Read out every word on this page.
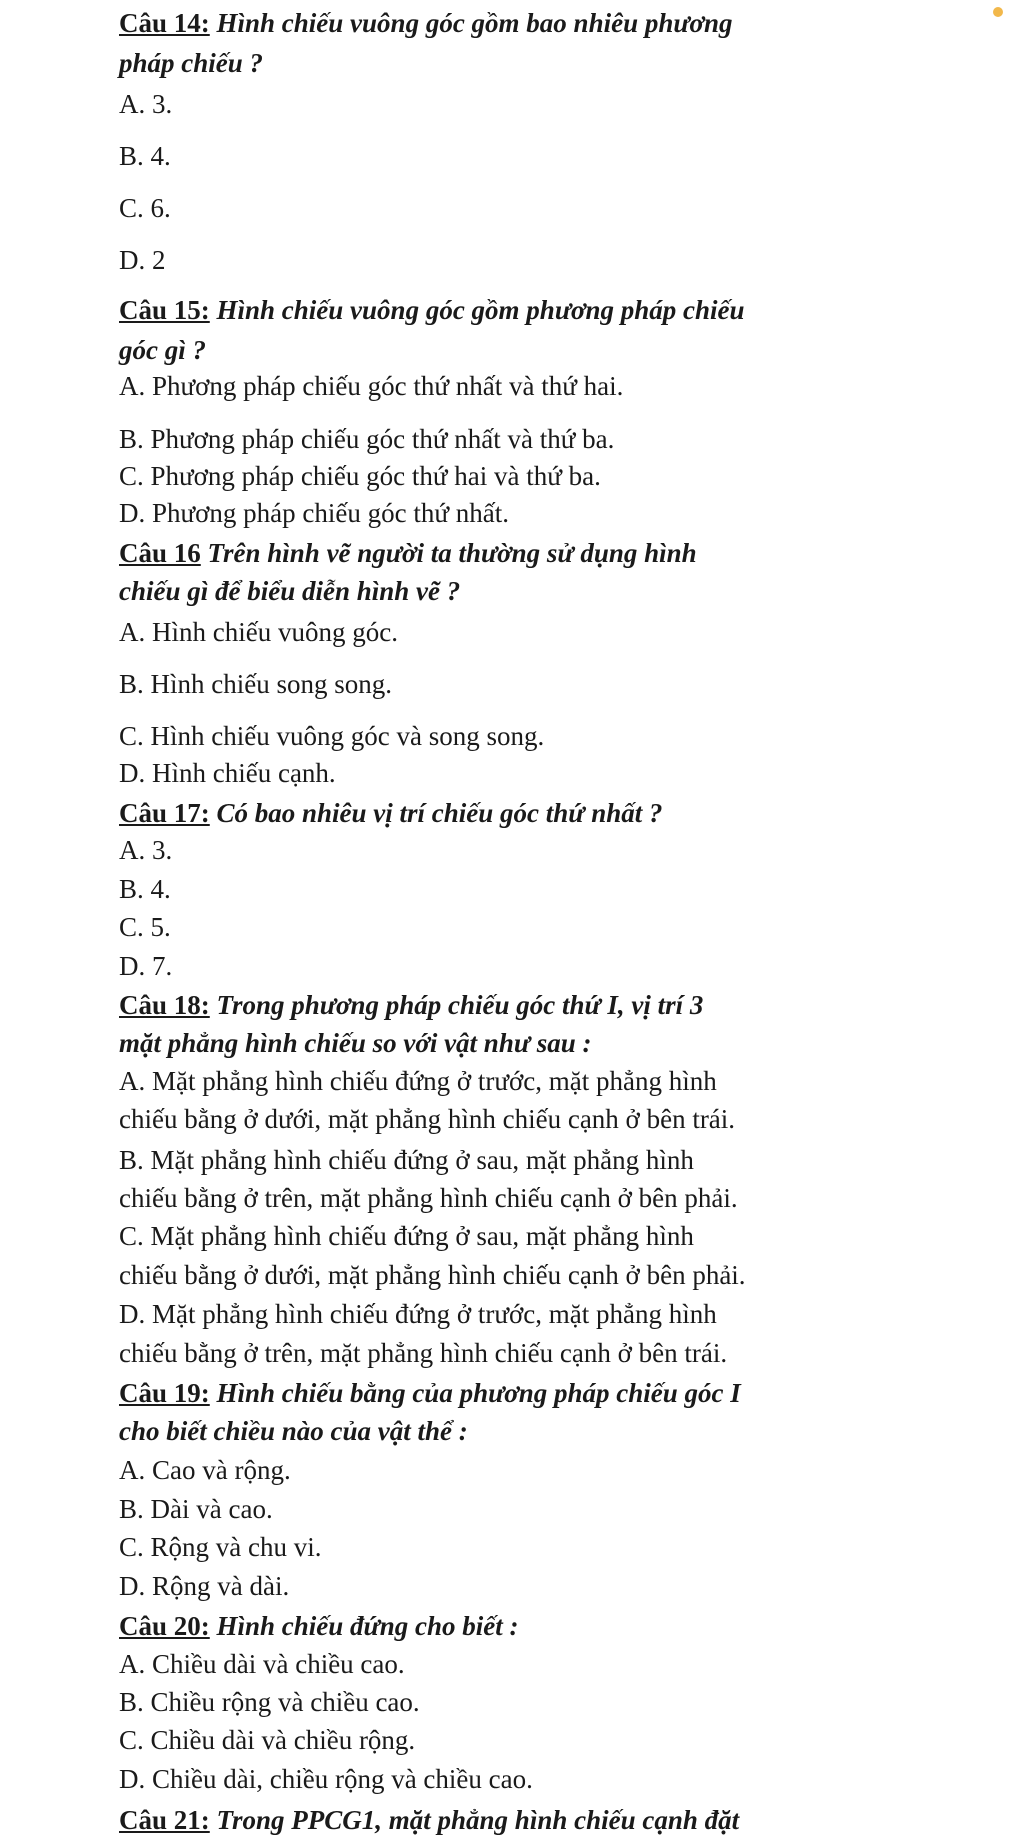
Câu 14: Hình chiếu vuông góc gồm bao nhiêu phương
pháp chiếu ?
A. 3.
B. 4.
C. 6.
D. 2
Câu 15: Hình chiếu vuông góc gồm phương pháp chiếu
góc gì ?
A. Phương pháp chiếu góc thứ nhất và thứ hai.
B. Phương pháp chiếu góc thứ nhất và thứ ba.
C. Phương pháp chiếu góc thứ hai và thứ ba.
D. Phương pháp chiếu góc thứ nhất.
Câu 16 Trên hình vẽ người ta thường sử dụng hình
chiếu gì để biểu diễn hình vẽ ?
A. Hình chiếu vuông góc.
B. Hình chiếu song song.
C. Hình chiếu vuông góc và song song.
D. Hình chiếu cạnh.
Câu 17: Có bao nhiêu vị trí chiếu góc thứ nhất ?
A. 3.
B. 4.
C. 5.
D. 7.
Câu 18: Trong phương pháp chiếu góc thứ I, vị trí 3
mặt phẳng hình chiếu so với vật như sau :
A. Mặt phẳng hình chiếu đứng ở trước, mặt phẳng hình
chiếu bằng ở dưới, mặt phẳng hình chiếu cạnh ở bên trái.
B. Mặt phẳng hình chiếu đứng ở sau, mặt phẳng hình
chiếu bằng ở trên, mặt phẳng hình chiếu cạnh ở bên phải.
C. Mặt phẳng hình chiếu đứng ở sau, mặt phẳng hình
chiếu bằng ở dưới, mặt phẳng hình chiếu cạnh ở bên phải.
D. Mặt phẳng hình chiếu đứng ở trước, mặt phẳng hình
chiếu bằng ở trên, mặt phẳng hình chiếu cạnh ở bên trái.
Câu 19: Hình chiếu bằng của phương pháp chiếu góc I
cho biết chiều nào của vật thể :
A. Cao và rộng.
B. Dài và cao.
C. Rộng và chu vi.
D. Rộng và dài.
Câu 20: Hình chiếu đứng cho biết :
A. Chiều dài và chiều cao.
B. Chiều rộng và chiều cao.
C. Chiều dài và chiều rộng.
D. Chiều dài, chiều rộng và chiều cao.
Câu 21: Trong PPCG1, mặt phẳng hình chiếu cạnh đặt
